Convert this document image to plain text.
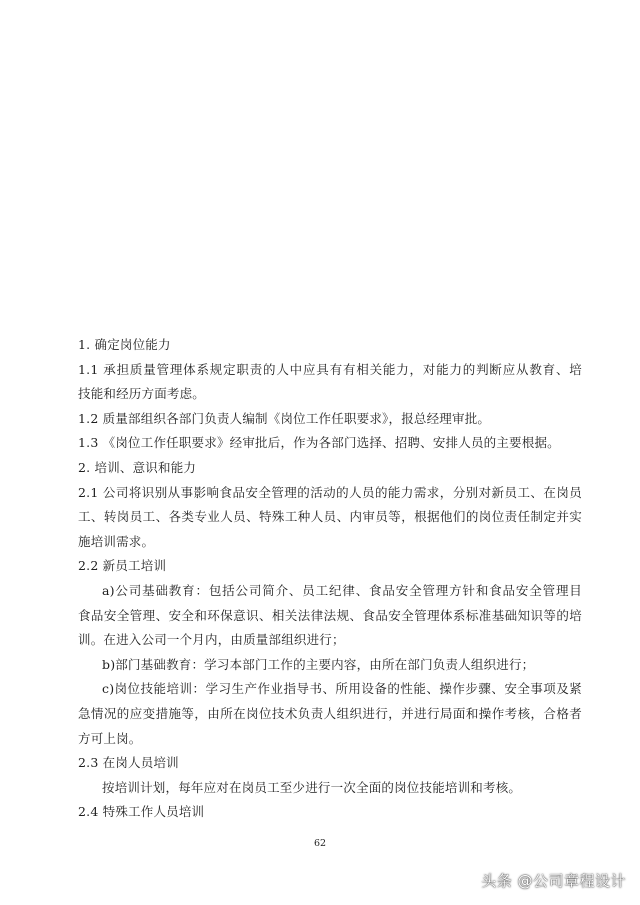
1. 确定岗位能力
1.1 承担质量管理体系规定职责的人中应具有有相关能力，对能力的判断应从教育、培
技能和经历方面考虑。
1.2 质量部组织各部门负责人编制《岗位工作任职要求》，报总经理审批。
1.3 《岗位工作任职要求》经审批后，作为各部门选择、招聘、安排人员的主要根据。
2. 培训、意识和能力
2.1 公司将识别从事影响食品安全管理的活动的人员的能力需求，分别对新员工、在岗员
工、转岗员工、各类专业人员、特殊工种人员、内审员等，根据他们的岗位责任制定并实
施培训需求。
2.2 新员工培训
a)公司基础教育：包括公司简介、员工纪律、食品安全管理方针和食品安全管理目
食品安全管理、安全和环保意识、相关法律法规、食品安全管理体系标准基础知识等的培
训。在进入公司一个月内，由质量部组织进行；
b)部门基础教育：学习本部门工作的主要内容，由所在部门负责人组织进行；
c)岗位技能培训：学习生产作业指导书、所用设备的性能、操作步骤、安全事项及紧
急情况的应变措施等，由所在岗位技术负责人组织进行，并进行局面和操作考核，合格者
方可上岗。
2.3 在岗人员培训
按培训计划，每年应对在岗员工至少进行一次全面的岗位技能培训和考核。
2.4 特殊工作人员培训
62
头条 @公司章程设计
